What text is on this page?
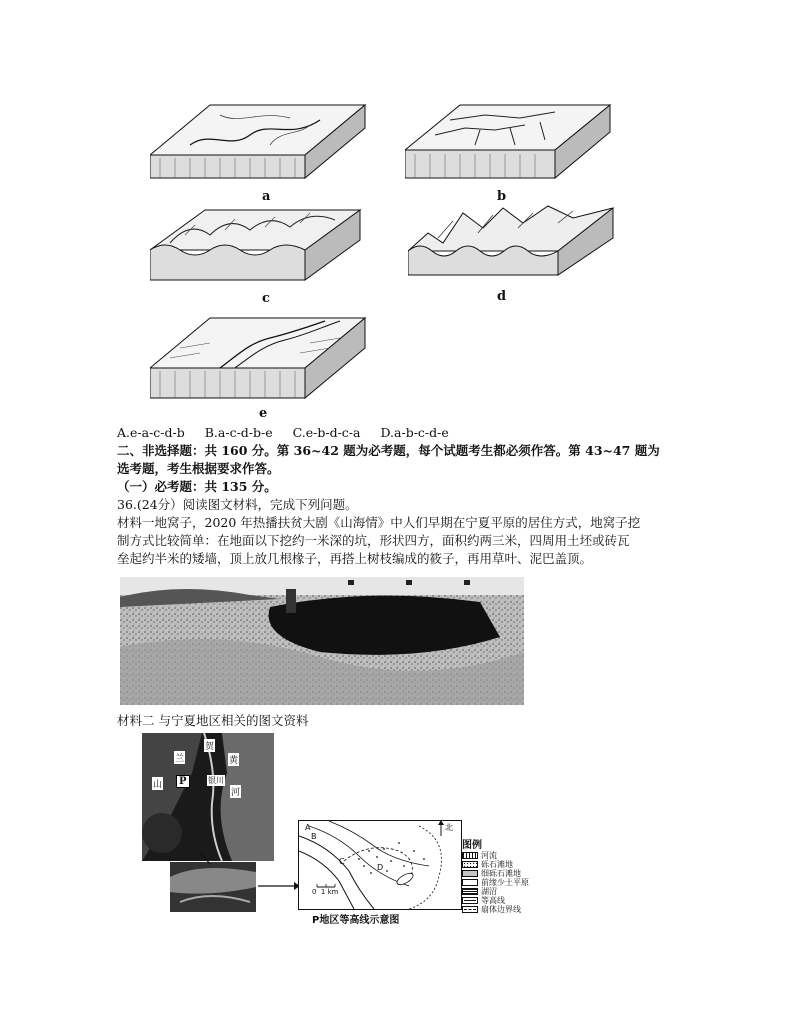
a	b
c	d
e
A.e-a-c-d-b B.a-c-d-b-e C.e-b-d-c-a D.a-b-c-d-e
二、非选择题：共 160 分。第 36~42 题为必考题，每个试题考生都必须作答。第 43~47 题为
选考题，考生根据要求作答。
（一）必考题：共 135 分。
36.(24分）阅读图文材料，完成下列问题。
材料一地窝子，2020 年热播扶贫大剧《山海情》中人们早期在宁夏平原的居住方式，地窝子挖
制方式比较简单：在地面以下挖约一米深的坑，形状四方，面积约两三米，四周用土坯或砖瓦
垒起约半米的矮墙，顶上放几根椽子，再搭上树枝编成的筱子，再用草叶、泥巴盖顶。
材料二 与宁夏地区相关的图文资料
贺
兰
山	P
黄
银川
河
A
B
C
D
0  1 km
北
图例
河流
砾石滩地
细砾石滩地
前缘少土平原
湖沼
等高线
扇体边界线
P地区等高线示意图
